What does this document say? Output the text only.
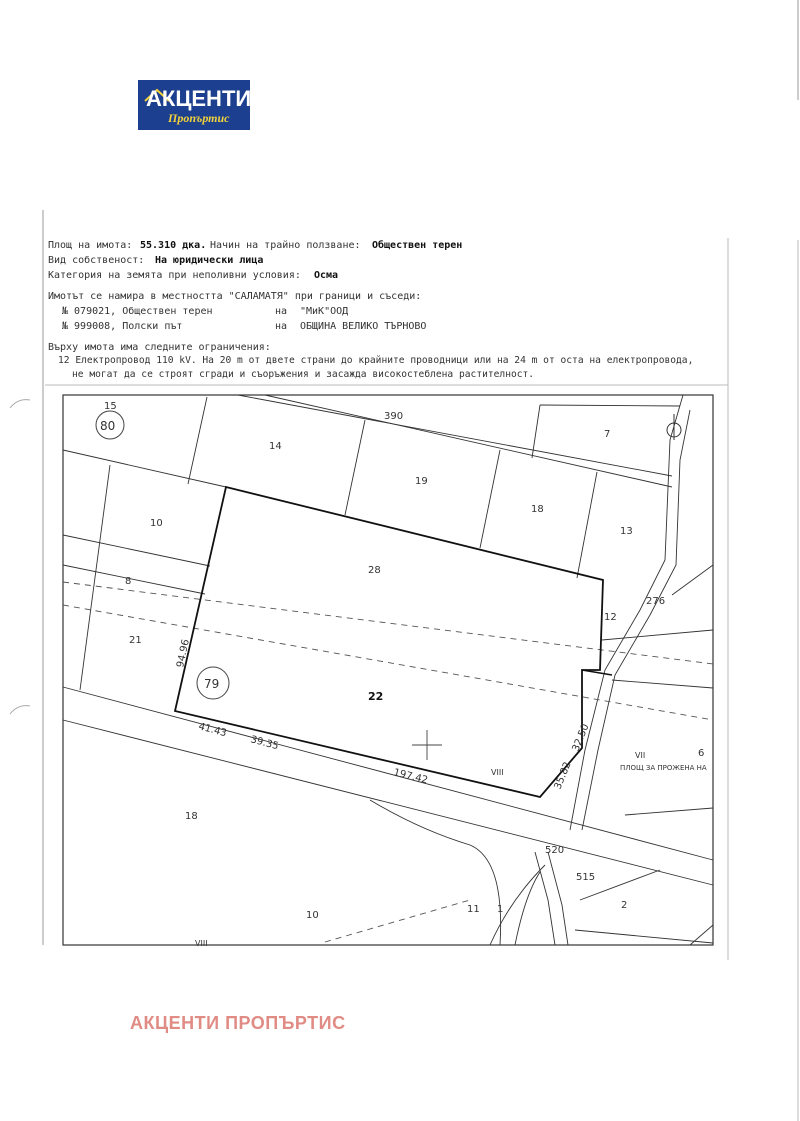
АКЦЕНТИ
Пропъртис
Площ на имота: 55.310 дка. Начин на трайно ползване: Обществен терен
Вид собственост: На юридически лица
Категория на земята при неполивни условия: Осма
Имотът се намира в местността "САЛАМАТЯ" при граници и съседи:
№ 079021, Обществен терен	на "МиК"ООД
№ 999008, Полски път	на ОБЩИНА ВЕЛИКО ТЪРНОВО
Върху имота има следните ограничения:
12 Електропровод 110 kV. На 20 m от двете страни до крайните проводници или на 24 m от оста на електропровода,
не могат да се строят сгради и съоръжения и засажда високостеблена растителност.
15
80
390
7
14
19
10
18
13
28
8
276
12
21	94.96
79
22
41.43
39.35
197.42	VIII	35.82
32.50
VII	6
ПЛОЩ ЗА ПРОЖЕНА НА
18
520
515
10
11 1	2
VIII
АКЦЕНТИ ПРОПЪРТИС
